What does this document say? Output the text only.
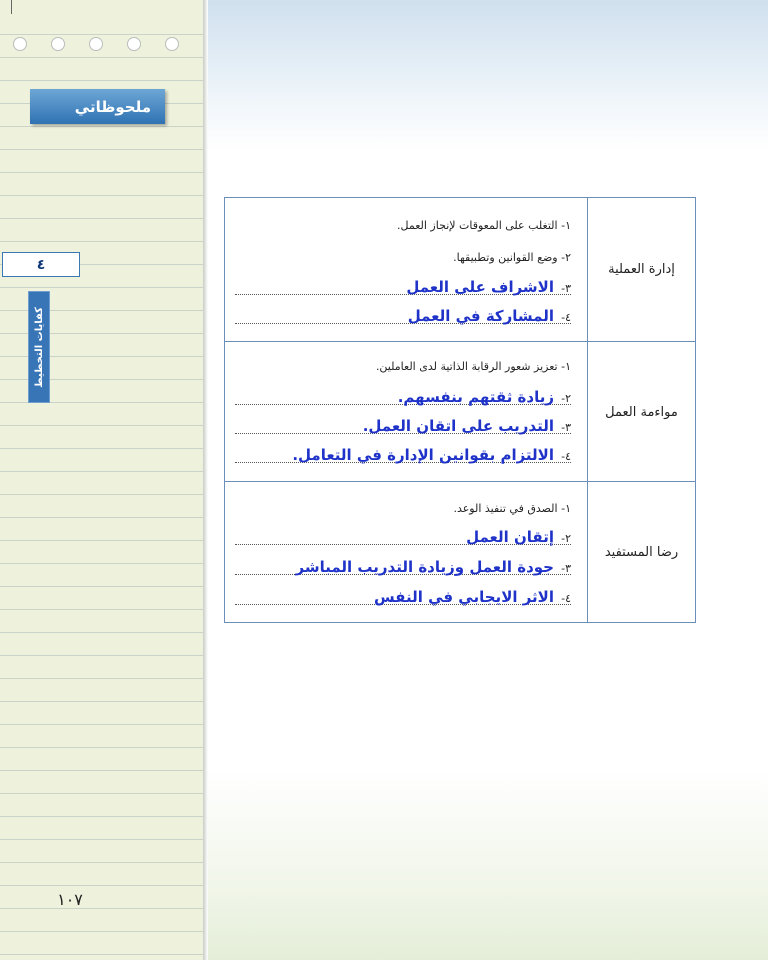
ملحوظاتي
٤
كفايات التخطيط
١٠٧
إدارة العملية
١- التغلب على المعوقات لإنجاز العمل.
٢- وضع القوانين وتطبيقها.
٣- الاشراف على العمل
٤- المشاركة في العمل
مواءمة العمل
١- تعزيز شعور الرقابة الذاتية لدى العاملين.
٢- زيادة ثقتهم بنفسهم.
٣- التدريب على اتقان العمل.
٤- الالتزام بقوانين الإدارة في التعامل.
رضا المستفيد
١- الصدق في تنفيذ الوعد.
٢- إتقان العمل
٣- جودة العمل وزيادة التدريب المباشر
٤- الاثر الايجابي في النفس
